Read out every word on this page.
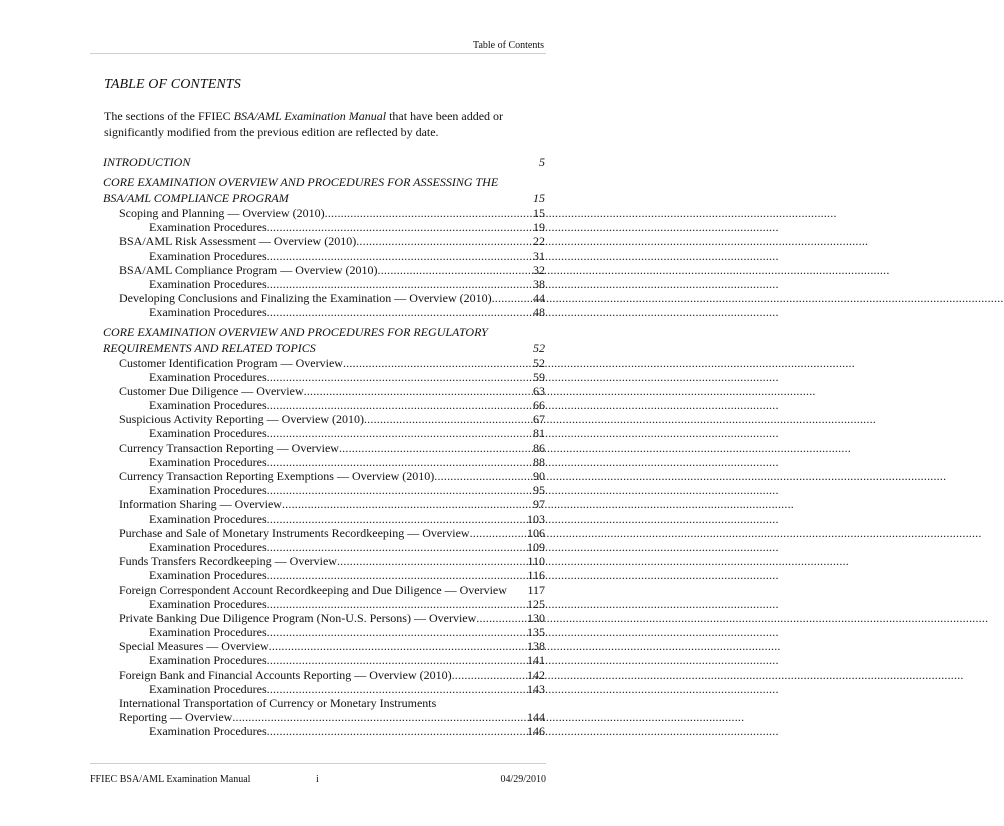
Table of Contents
TABLE OF CONTENTS

The sections of the FFIEC BSA/AML Examination Manual that have been added or significantly modified from the previous edition are reflected by date.

INTRODUCTION	5
CORE EXAMINATION OVERVIEW AND PROCEDURES FOR ASSESSING THE
BSA/AML COMPLIANCE PROGRAM	15
Scoping and Planning — Overview (2010) .....	15
Examination Procedures .....	19
BSA/AML Risk Assessment — Overview (2010) .....	22
Examination Procedures .....	31
BSA/AML Compliance Program — Overview (2010) .....	32
Examination Procedures .....	38
Developing Conclusions and Finalizing the Examination — Overview (2010) .....	44
Examination Procedures .....	48
CORE EXAMINATION OVERVIEW AND PROCEDURES FOR REGULATORY
REQUIREMENTS AND RELATED TOPICS	52
Customer Identification Program — Overview .....	52
Examination Procedures .....	59
Customer Due Diligence — Overview .....	63
Examination Procedures .....	66
Suspicious Activity Reporting — Overview (2010) .....	67
Examination Procedures .....	81
Currency Transaction Reporting — Overview .....	86
Examination Procedures .....	88
Currency Transaction Reporting Exemptions — Overview (2010) .....	90
Examination Procedures .....	95
Information Sharing — Overview .....	97
Examination Procedures .....	103
Purchase and Sale of Monetary Instruments Recordkeeping — Overview .....	106
Examination Procedures .....	109
Funds Transfers Recordkeeping — Overview .....	110
Examination Procedures .....	116
Foreign Correspondent Account Recordkeeping and Due Diligence — Overview 117
Examination Procedures .....	125
Private Banking Due Diligence Program (Non-U.S. Persons) — Overview .....	130
Examination Procedures .....	135
Special Measures — Overview .....	138
Examination Procedures .....	141
Foreign Bank and Financial Accounts Reporting — Overview (2010) .....	142
Examination Procedures .....	143
International Transportation of Currency or Monetary Instruments
Reporting — Overview .....	144
Examination Procedures .....	146
FFIEC BSA/AML Examination Manual	i	04/29/2010
